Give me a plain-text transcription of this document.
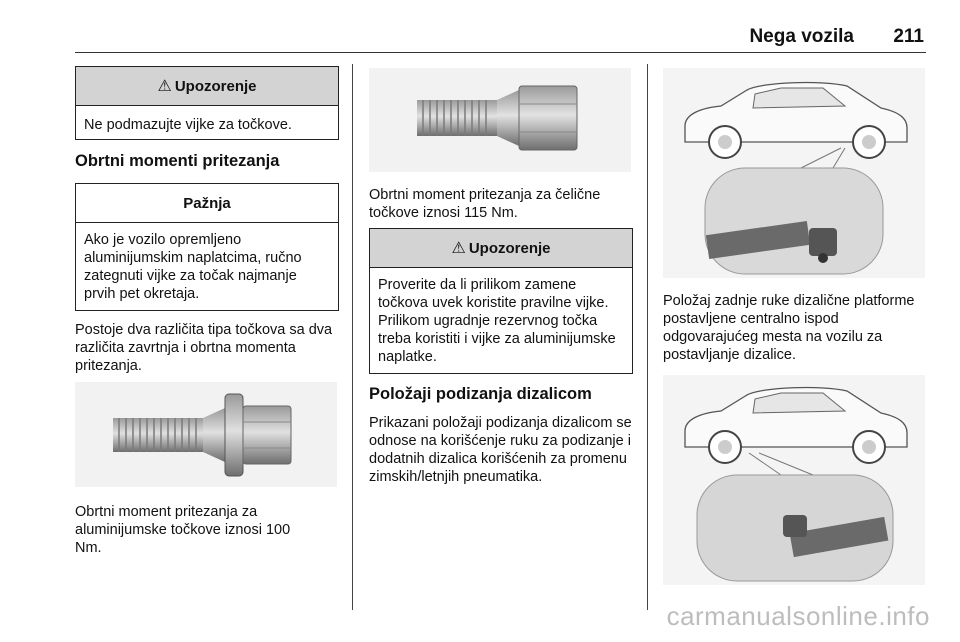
Nega vozila 211
⚠ Upozorenje
Ne podmazujte vijke za točkove.
Obrtni momenti pritezanja
Pažnja
Ako je vozilo opremljeno aluminijumskim naplatcima, ručno zategnuti vijke za točak najmanje prvih pet okretaja.
Postoje dva različita tipa točkova sa dva različita zavrtnja i obrtna momenta pritezanja.
Obrtni moment pritezanja za aluminijumske točkove iznosi 100 Nm.
Obrtni moment pritezanja za čelične točkove iznosi 115 Nm.
⚠ Upozorenje
Proverite da li prilikom zamene točkova uvek koristite pravilne vijke. Prilikom ugradnje rezervnog točka treba koristiti i vijke za aluminijumske naplatke.
Položaji podizanja dizalicom
Prikazani položaji podizanja dizalicom se odnose na korišćenje ruku za podizanje i dodatnih dizalica korišćenih za promenu zimskih/letnjih pneumatika.
Položaj zadnje ruke dizalične platforme postavljene centralno ispod odgovarajućeg mesta na vozilu za postavljanje dizalice.
carmanualsonline.info
